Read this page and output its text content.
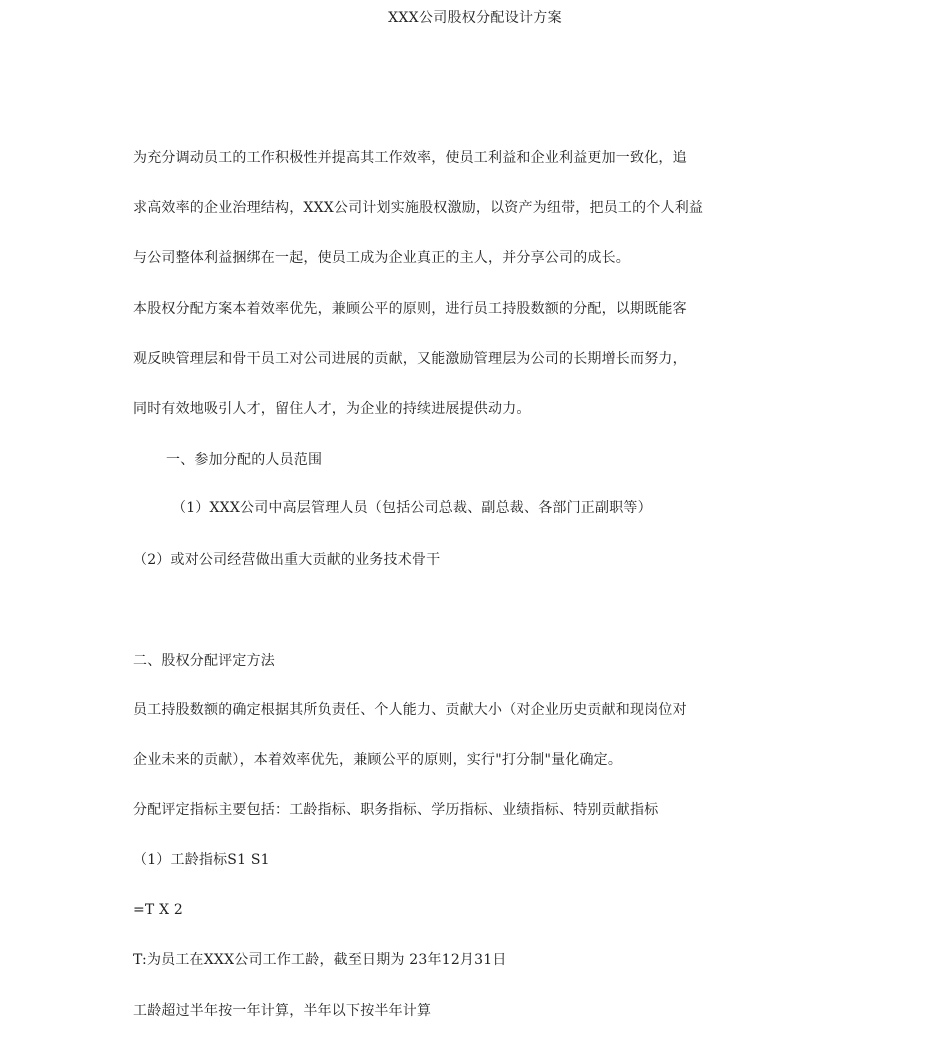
XXX公司股权分配设计方案
为充分调动员工的工作积极性并提高其工作效率，使员工利益和企业利益更加一致化，追
求高效率的企业治理结构，XXX公司计划实施股权激励，以资产为纽带，把员工的个人利益
与公司整体利益捆绑在一起，使员工成为企业真正的主人，并分享公司的成长。
本股权分配方案本着效率优先，兼顾公平的原则，进行员工持股数额的分配，以期既能客
观反映管理层和骨干员工对公司进展的贡献，又能激励管理层为公司的长期增长而努力，
同时有效地吸引人才，留住人才，为企业的持续进展提供动力。
一、参加分配的人员范围
（1）XXX公司中高层管理人员（包括公司总裁、副总裁、各部门正副职等）
（2）或对公司经营做出重大贡献的业务技术骨干
二、股权分配评定方法
员工持股数额的确定根据其所负责任、个人能力、贡献大小（对企业历史贡献和现岗位对
企业未来的贡献），本着效率优先，兼顾公平的原则，实行"打分制"量化确定。
分配评定指标主要包括：工龄指标、职务指标、学历指标、业绩指标、特别贡献指标
（1）工龄指标S1 S1
=T X 2
T:为员工在XXX公司工作工龄，截至日期为 23年12月31日
工龄超过半年按一年计算，半年以下按半年计算
